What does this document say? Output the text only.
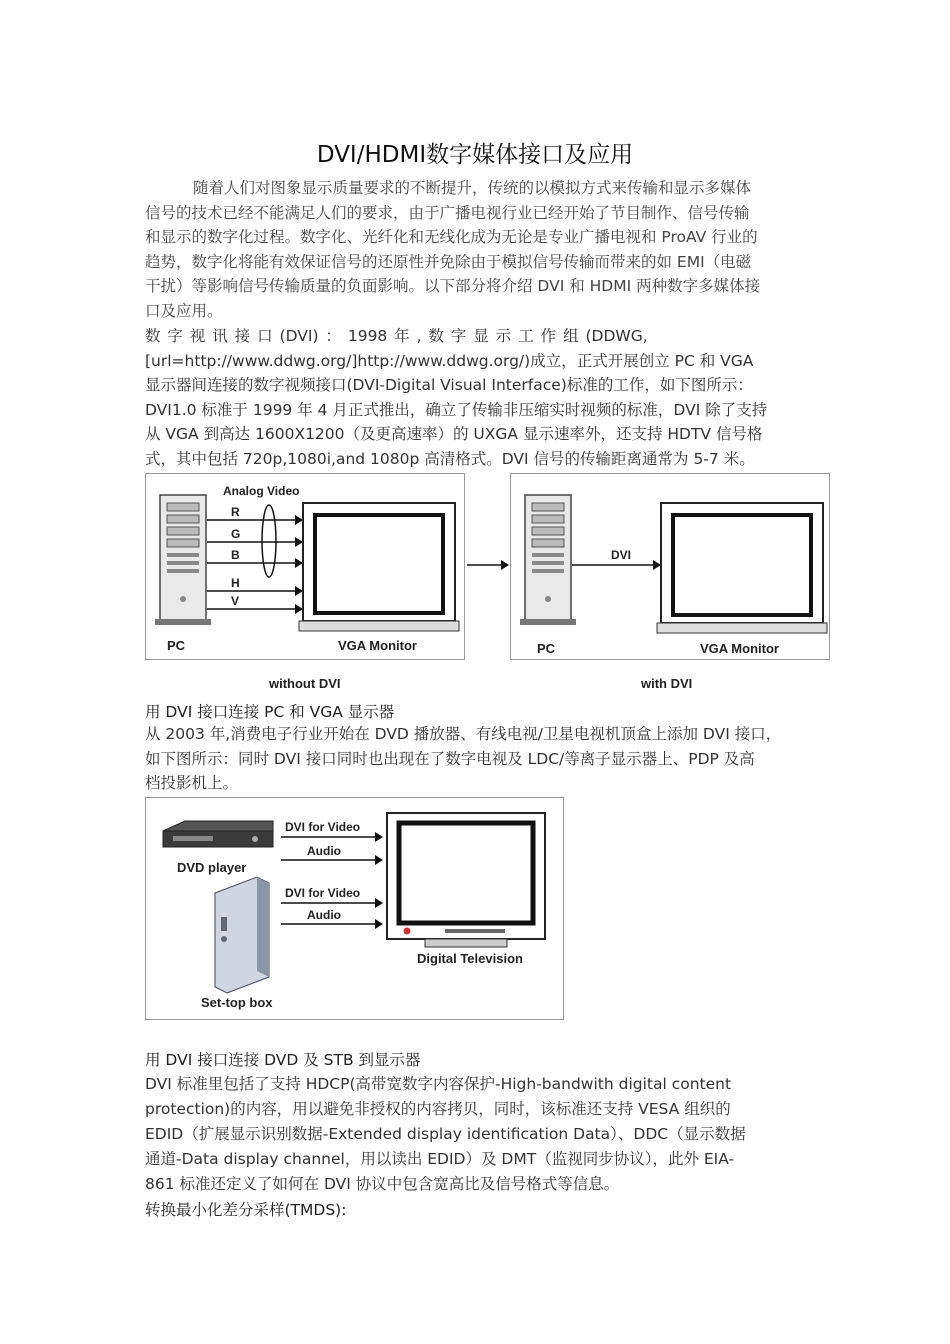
DVI/HDMI数字媒体接口及应用
随着人们对图象显示质量要求的不断提升，传统的以模拟方式来传输和显示多媒体
信号的技术已经不能满足人们的要求，由于广播电视行业已经开始了节目制作、信号传输
和显示的数字化过程。数字化、光纤化和无线化成为无论是专业广播电视和 ProAV 行业的
趋势，数字化将能有效保证信号的还原性并免除由于模拟信号传输而带来的如 EMI（电磁
干扰）等影响信号传输质量的负面影响。以下部分将介绍 DVI 和 HDMI 两种数字多媒体接
口及应用。
数 字 视 讯 接 口 (DVI) ： 1998 年 , 数 字 显 示 工 作 组 (DDWG,
[url=http://www.ddwg.org/]http://www.ddwg.org/)成立，正式开展创立 PC 和 VGA
显示器间连接的数字视频接口(DVI-Digital Visual Interface)标准的工作，如下图所示：
DVI1.0 标准于 1999 年 4 月正式推出，确立了传输非压缩实时视频的标准，DVI 除了支持
从 VGA 到高达 1600X1200（及更高速率）的 UXGA 显示速率外，还支持 HDTV 信号格
式，其中包括 720p,1080i,and 1080p 高清格式。DVI 信号的传输距离通常为 5-7 米。
PC
Analog Video
R
G
B
H
V
VGA Monitor	PC
DVI
VGA Monitor
without DVI	with DVI
用 DVI 接口连接 PC 和 VGA 显示器
从 2003 年,消费电子行业开始在 DVD 播放器、有线电视/卫星电视机顶盒上添加 DVI 接口，
如下图所示：同时 DVI 接口同时也出现在了数字电视及 LDC/等离子显示器上、PDP 及高
档投影机上。
DVD player
Set-top box
DVI for Video
Audio
DVI for Video
Audio
Digital Television
用 DVI 接口连接 DVD 及 STB 到显示器
DVI 标准里包括了支持 HDCP(高带宽数字内容保护-High-bandwith digital content
protection)的内容，用以避免非授权的内容拷贝，同时，该标准还支持 VESA 组织的
EDID（扩展显示识别数据-Extended display identification Data）、DDC（显示数据
通道-Data display channel，用以读出 EDID）及 DMT（监视同步协议），此外 EIA-
861 标准还定义了如何在 DVI 协议中包含宽高比及信号格式等信息。
转换最小化差分采样(TMDS):
